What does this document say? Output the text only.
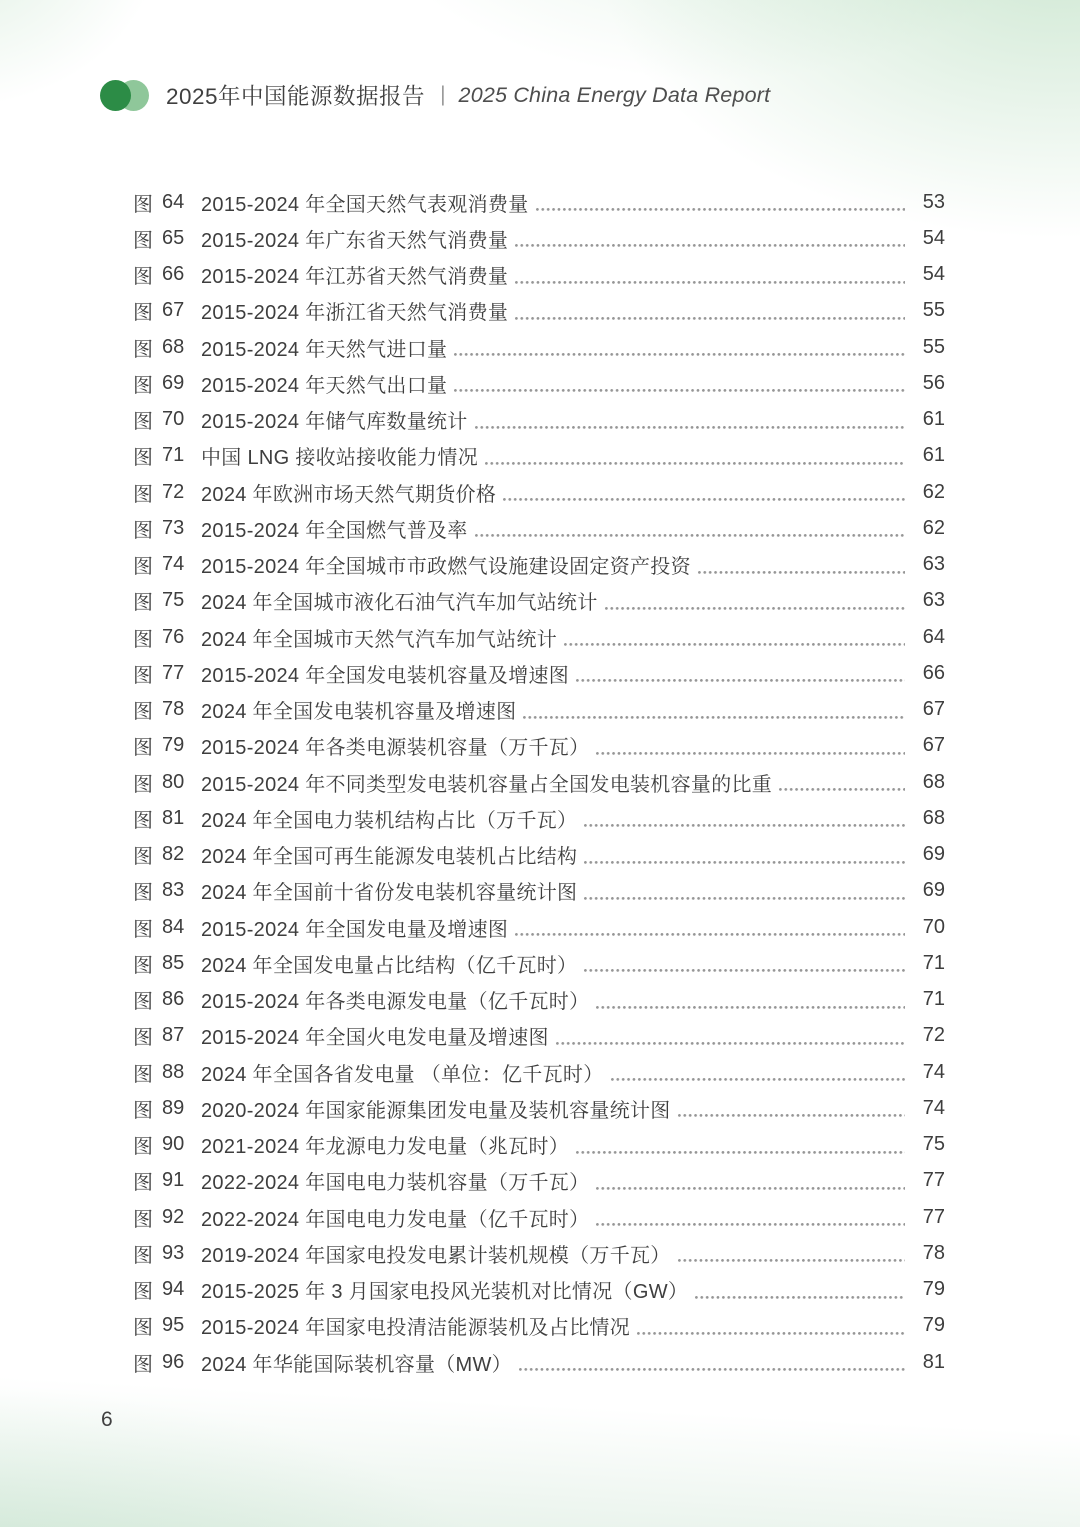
2025年中国能源数据报告 | 2025 China Energy Data Report
图 64 2015-2024 年全国天然气表观消费量	53
图 65 2015-2024 年广东省天然气消费量	54
图 66 2015-2024 年江苏省天然气消费量	54
图 67 2015-2024 年浙江省天然气消费量	55
图 68 2015-2024 年天然气进口量	55
图 69 2015-2024 年天然气出口量	56
图 70 2015-2024 年储气库数量统计	61
图 71 中国 LNG 接收站接收能力情况	61
图 72 2024 年欧洲市场天然气期货价格	62
图 73 2015-2024 年全国燃气普及率	62
图 74 2015-2024 年全国城市市政燃气设施建设固定资产投资	63
图 75 2024 年全国城市液化石油气汽车加气站统计	63
图 76 2024 年全国城市天然气汽车加气站统计	64
图 77 2015-2024 年全国发电装机容量及增速图	66
图 78 2024 年全国发电装机容量及增速图	67
图 79 2015-2024 年各类电源装机容量（万千瓦）	67
图 80 2015-2024 年不同类型发电装机容量占全国发电装机容量的比重	68
图 81 2024 年全国电力装机结构占比（万千瓦）	68
图 82 2024 年全国可再生能源发电装机占比结构	69
图 83 2024 年全国前十省份发电装机容量统计图	69
图 84 2015-2024 年全国发电量及增速图	70
图 85 2024 年全国发电量占比结构（亿千瓦时）	71
图 86 2015-2024 年各类电源发电量（亿千瓦时）	71
图 87 2015-2024 年全国火电发电量及增速图	72
图 88 2024 年全国各省发电量 （单位：亿千瓦时）	74
图 89 2020-2024 年国家能源集团发电量及装机容量统计图	74
图 90 2021-2024 年龙源电力发电量（兆瓦时）	75
图 91 2022-2024 年国电电力装机容量（万千瓦）	77
图 92 2022-2024 年国电电力发电量（亿千瓦时）	77
图 93 2019-2024 年国家电投发电累计装机规模（万千瓦）	78
图 94 2015-2025 年 3 月国家电投风光装机对比情况（GW）	79
图 95 2015-2024 年国家电投清洁能源装机及占比情况	79
图 96 2024 年华能国际装机容量（MW）	81
6
